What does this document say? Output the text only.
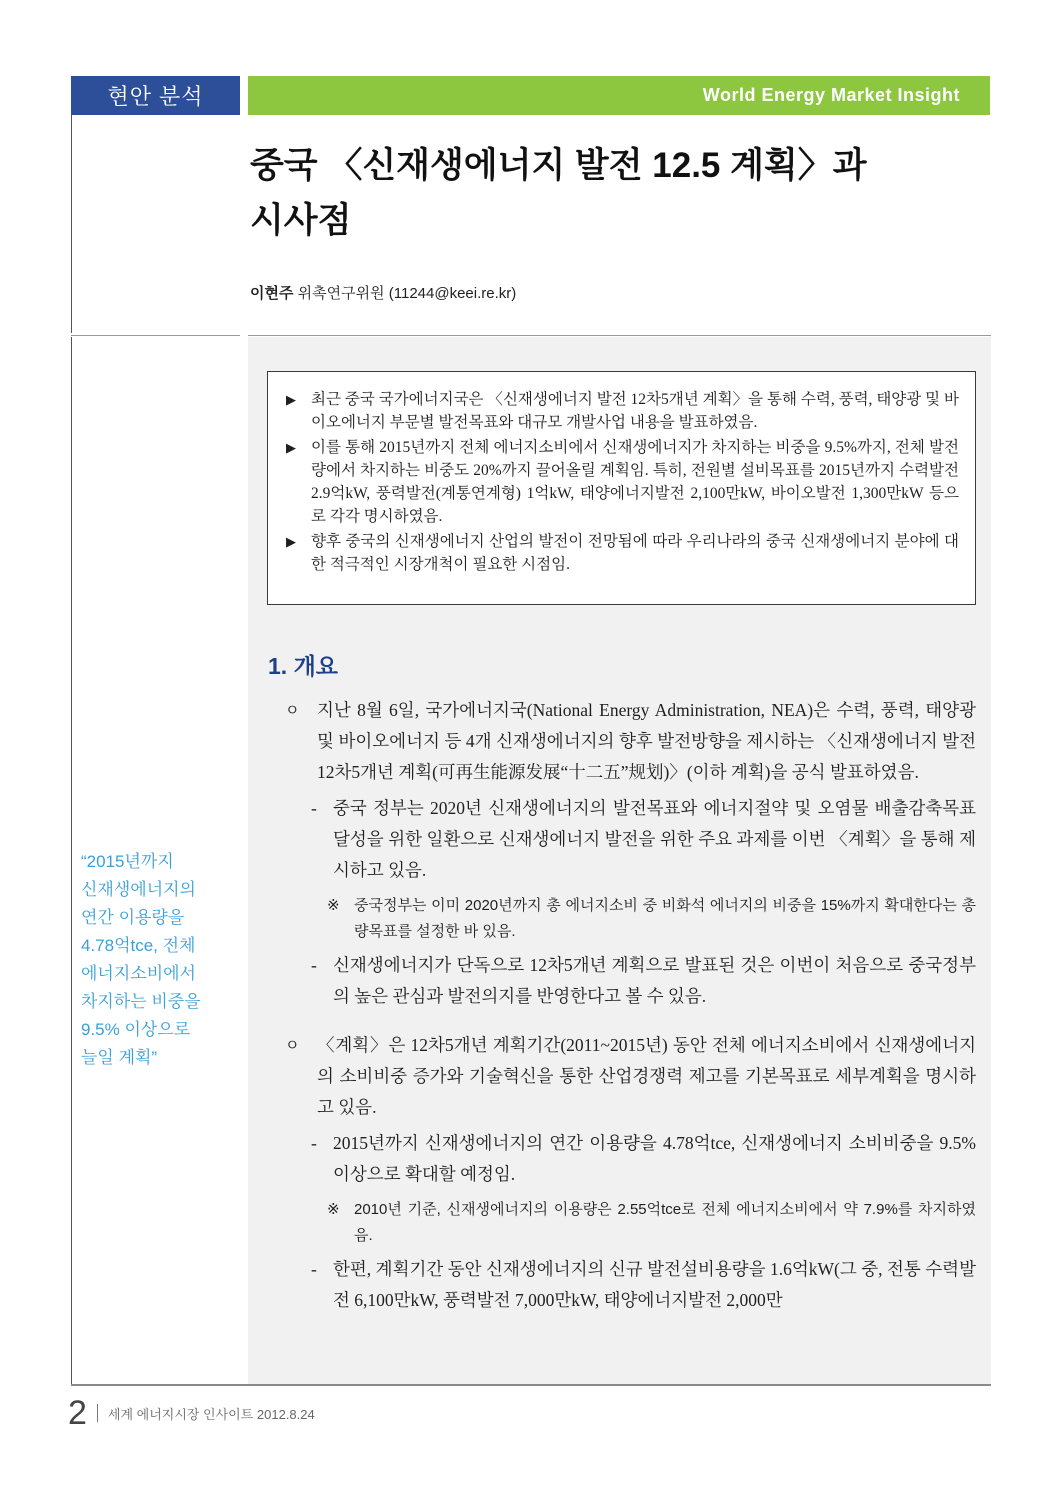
현안 분석	World Energy Market Insight
중국 〈신재생에너지 발전 12.5 계획〉과
시사점
이현주 위촉연구위원 (11244@keei.re.kr)
▶ 최근 중국 국가에너지국은 〈신재생에너지 발전 12차5개년 계획〉을 통해 수력, 풍력, 태양광 및 바이오에너지 부문별 발전목표와 대규모 개발사업 내용을 발표하였음.
▶ 이를 통해 2015년까지 전체 에너지소비에서 신재생에너지가 차지하는 비중을 9.5%까지, 전체 발전량에서 차지하는 비중도 20%까지 끌어올릴 계획임. 특히, 전원별 설비목표를 2015년까지 수력발전 2.9억kW, 풍력발전(계통연계형) 1억kW, 태양에너지발전 2,100만kW, 바이오발전 1,300만kW 등으로 각각 명시하였음.
▶ 향후 중국의 신재생에너지 산업의 발전이 전망됨에 따라 우리나라의 중국 신재생에너지 분야에 대한 적극적인 시장개척이 필요한 시점임.
1. 개요
ㅇ	지난 8월 6일, 국가에너지국(National Energy Administration, NEA)은 수력, 풍력, 태양광 및 바이오에너지 등 4개 신재생에너지의 향후 발전방향을 제시하는 〈신재생에너지 발전 12차5개년 계획(可再生能源发展“十二五”规划)〉(이하 계획)을 공식 발표하였음.
- 중국 정부는 2020년 신재생에너지의 발전목표와 에너지절약 및 오염물 배출감축목표 달성을 위한 일환으로 신재생에너지 발전을 위한 주요 과제를 이번 〈계획〉을 통해 제시하고 있음.
※ 중국정부는 이미 2020년까지 총 에너지소비 중 비화석 에너지의 비중을 15%까지 확대한다는 총량목표를 설정한 바 있음.
- 신재생에너지가 단독으로 12차5개년 계획으로 발표된 것은 이번이 처음으로 중국정부의 높은 관심과 발전의지를 반영한다고 볼 수 있음.
ㅇ	〈계획〉은 12차5개년 계획기간(2011~2015년) 동안 전체 에너지소비에서 신재생에너지의 소비비중 증가와 기술혁신을 통한 산업경쟁력 제고를 기본목표로 세부계획을 명시하고 있음.
- 2015년까지 신재생에너지의 연간 이용량을 4.78억tce, 신재생에너지 소비비중을 9.5% 이상으로 확대할 예정임.
※ 2010년 기준, 신재생에너지의 이용량은 2.55억tce로 전체 에너지소비에서 약 7.9%를 차지하였음.
- 한편, 계획기간 동안 신재생에너지의 신규 발전설비용량을 1.6억kW(그 중, 전통 수력발전 6,100만kW, 풍력발전 7,000만kW, 태양에너지발전 2,000만
“2015년까지
신재생에너지의
연간 이용량을
4.78억tce, 전체
에너지소비에서
차지하는 비중을
9.5% 이상으로
늘일 계획”
2 세계 에너지시장 인사이트 2012.8.24
